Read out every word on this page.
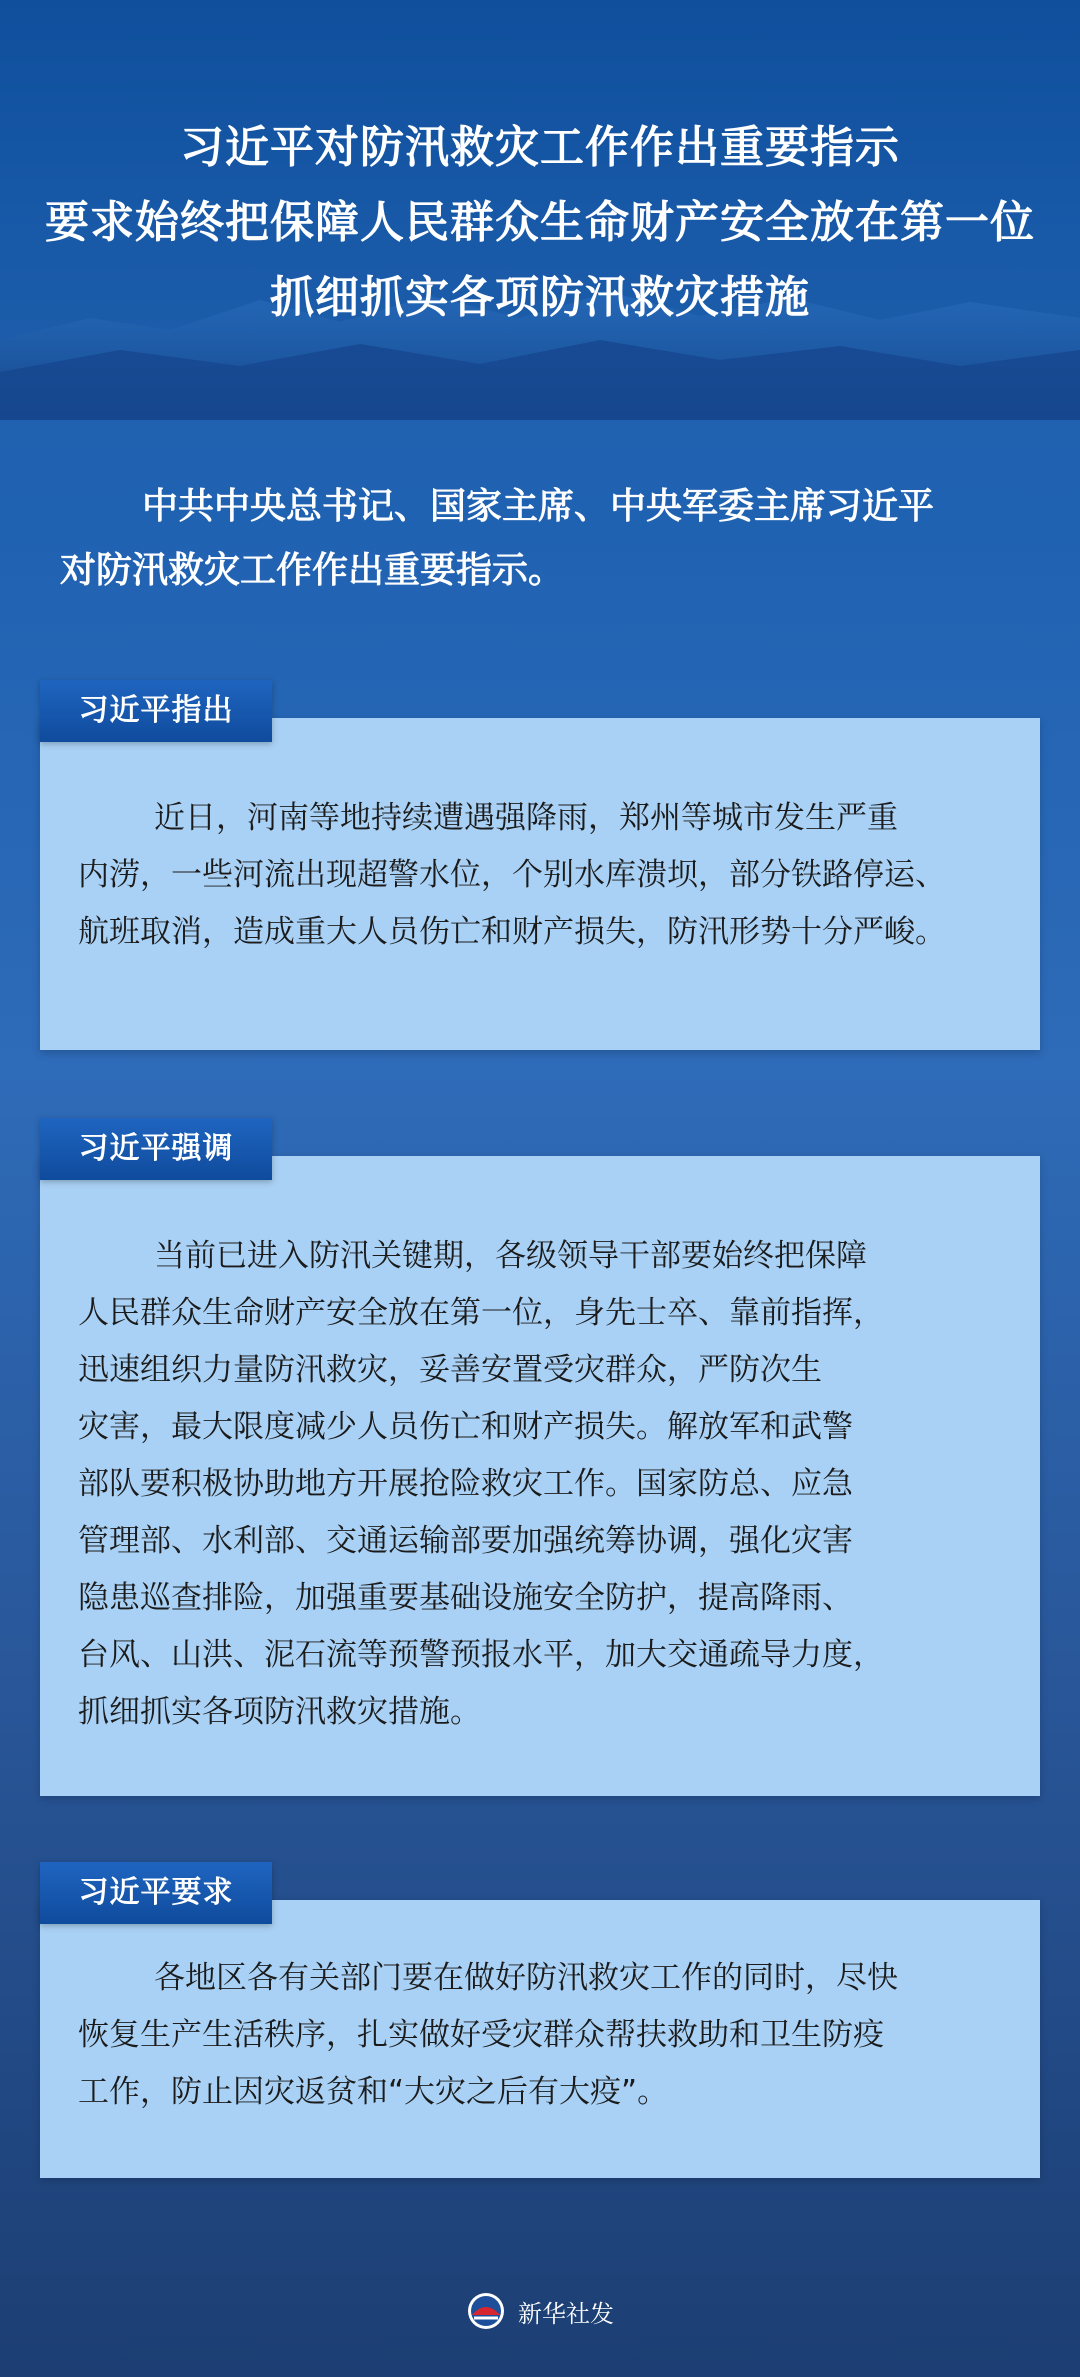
习近平对防汛救灾工作作出重要指示
要求始终把保障人民群众生命财产安全放在第一位
抓细抓实各项防汛救灾措施
中共中央总书记、国家主席、中央军委主席习近平
对防汛救灾工作作出重要指示。
习近平指出

近日，河南等地持续遭遇强降雨，郑州等城市发生严重
内涝，一些河流出现超警水位，个别水库溃坝，部分铁路停运、
航班取消，造成重大人员伤亡和财产损失，防汛形势十分严峻。

习近平强调

当前已进入防汛关键期，各级领导干部要始终把保障
人民群众生命财产安全放在第一位，身先士卒、靠前指挥，
迅速组织力量防汛救灾，妥善安置受灾群众，严防次生
灾害，最大限度减少人员伤亡和财产损失。解放军和武警
部队要积极协助地方开展抢险救灾工作。国家防总、应急
管理部、水利部、交通运输部要加强统筹协调，强化灾害
隐患巡查排险，加强重要基础设施安全防护，提高降雨、
台风、山洪、泥石流等预警预报水平，加大交通疏导力度，
抓细抓实各项防汛救灾措施。

习近平要求

各地区各有关部门要在做好防汛救灾工作的同时，尽快
恢复生产生活秩序，扎实做好受灾群众帮扶救助和卫生防疫
工作，防止因灾返贫和“大灾之后有大疫”。

新华社发
